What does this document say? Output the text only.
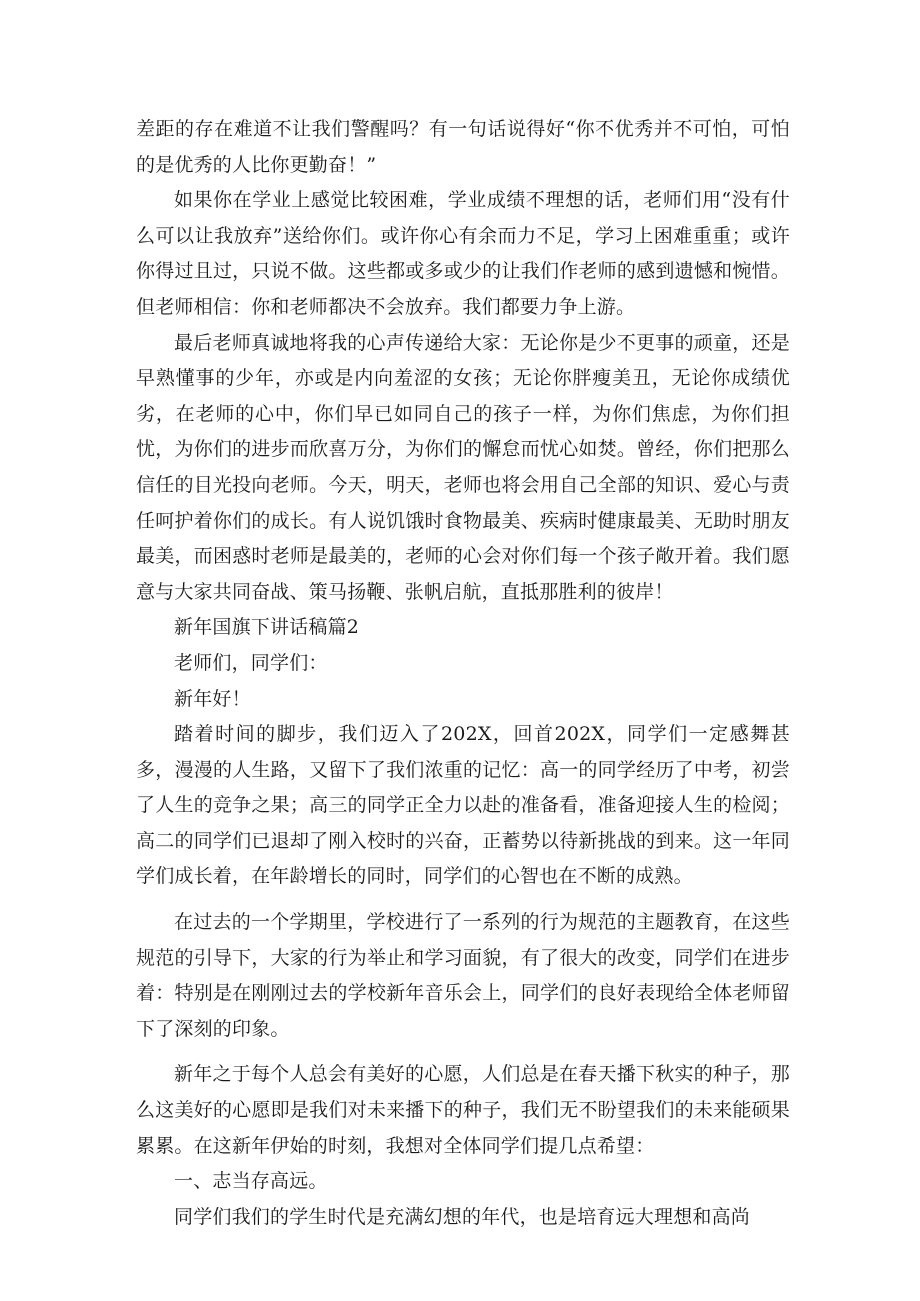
差距的存在难道不让我们警醒吗？有一句话说得好“你不优秀并不可怕，可怕的是优秀的人比你更勤奋！”

如果你在学业上感觉比较困难，学业成绩不理想的话，老师们用“没有什么可以让我放弃”送给你们。或许你心有余而力不足，学习上困难重重；或许你得过且过，只说不做。这些都或多或少的让我们作老师的感到遗憾和惋惜。但老师相信：你和老师都决不会放弃。我们都要力争上游。

最后老师真诚地将我的心声传递给大家：无论你是少不更事的顽童，还是早熟懂事的少年，亦或是内向羞涩的女孩；无论你胖瘦美丑，无论你成绩优劣，在老师的心中，你们早已如同自己的孩子一样，为你们焦虑，为你们担忧，为你们的进步而欣喜万分，为你们的懈怠而忧心如焚。曾经，你们把那么信任的目光投向老师。今天，明天，老师也将会用自己全部的知识、爱心与责任呵护着你们的成长。有人说饥饿时食物最美、疾病时健康最美、无助时朋友最美，而困惑时老师是最美的，老师的心会对你们每一个孩子敞开着。我们愿意与大家共同奋战、策马扬鞭、张帆启航，直抵那胜利的彼岸！

新年国旗下讲话稿篇2

老师们，同学们：

新年好！

踏着时间的脚步，我们迈入了202X，回首202X，同学们一定感舞甚多，漫漫的人生路，又留下了我们浓重的记忆：高一的同学经历了中考，初尝了人生的竞争之果；高三的同学正全力以赴的准备看，准备迎接人生的检阅；高二的同学们已退却了刚入校时的兴奋，正蓄势以待新挑战的到来。这一年同学们成长着，在年龄增长的同时，同学们的心智也在不断的成熟。

在过去的一个学期里，学校进行了一系列的行为规范的主题教育，在这些规范的引导下，大家的行为举止和学习面貌，有了很大的改变，同学们在进步着：特别是在刚刚过去的学校新年音乐会上，同学们的良好表现给全体老师留下了深刻的印象。

新年之于每个人总会有美好的心愿，人们总是在春天播下秋实的种子，那么这美好的心愿即是我们对未来播下的种子，我们无不盼望我们的未来能硕果累累。在这新年伊始的时刻，我想对全体同学们提几点希望：

一、志当存高远。

同学们我们的学生时代是充满幻想的年代，也是培育远大理想和高尚
